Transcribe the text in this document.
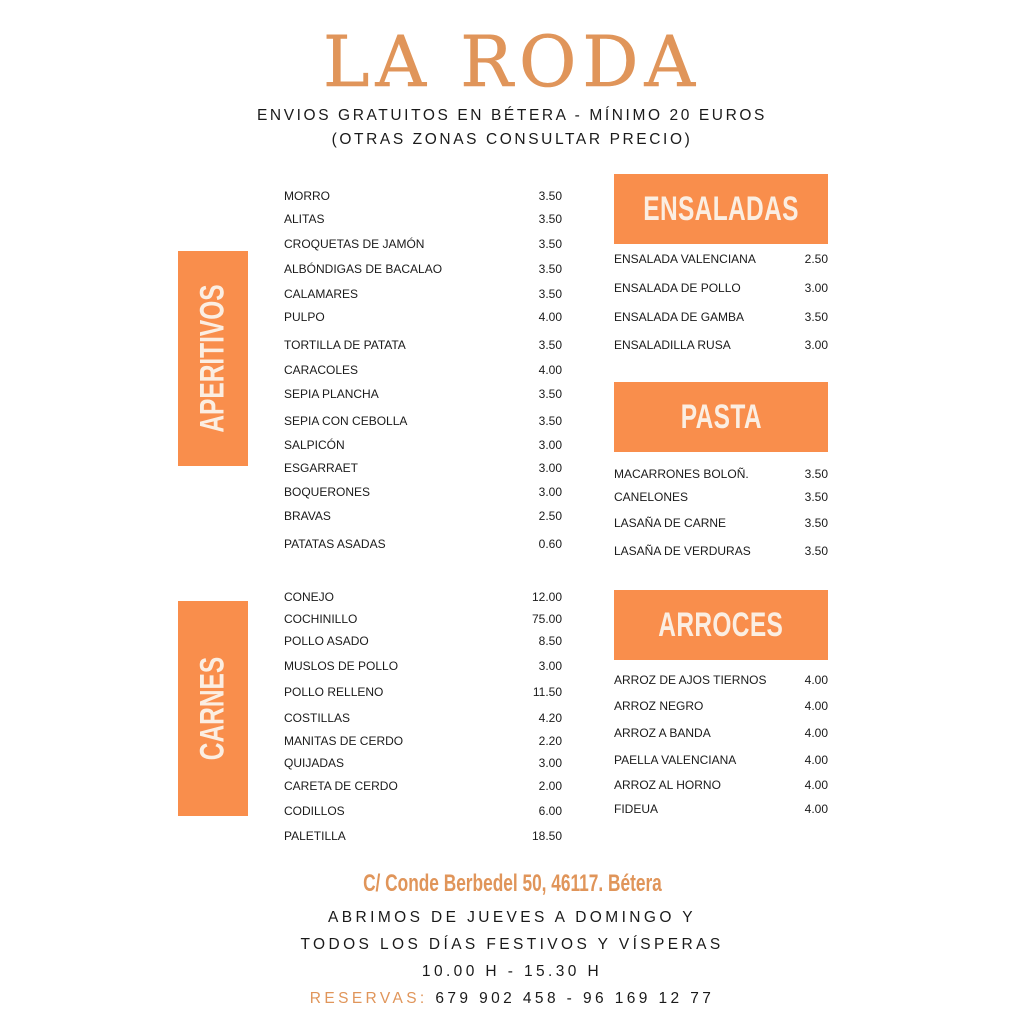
LA RODA
ENVIOS GRATUITOS EN BÉTERA - MÍNIMO 20 EUROS
(OTRAS ZONAS CONSULTAR PRECIO)
APERITIVOS
CARNES
ENSALADAS
PASTA
ARROCES
MORRO	3.50
ALITAS	3.50
CROQUETAS DE JAMÓN	3.50
ALBÓNDIGAS DE BACALAO	3.50
CALAMARES	3.50
PULPO	4.00
TORTILLA DE PATATA	3.50
CARACOLES	4.00
SEPIA PLANCHA	3.50
SEPIA CON CEBOLLA	3.50
SALPICÓN	3.00
ESGARRAET	3.00
BOQUERONES	3.00
BRAVAS	2.50
PATATAS ASADAS	0.60
CONEJO	12.00
COCHINILLO	75.00
POLLO ASADO	8.50
MUSLOS DE POLLO	3.00
POLLO RELLENO	11.50
COSTILLAS	4.20
MANITAS DE CERDO	2.20
QUIJADAS	3.00
CARETA DE CERDO	2.00
CODILLOS	6.00
PALETILLA	18.50
ENSALADA VALENCIANA	2.50
ENSALADA DE POLLO	3.00
ENSALADA DE GAMBA	3.50
ENSALADILLA RUSA	3.00
MACARRONES BOLOÑ.	3.50
CANELONES	3.50
LASAÑA DE CARNE	3.50
LASAÑA DE VERDURAS	3.50
ARROZ DE AJOS TIERNOS	4.00
ARROZ NEGRO	4.00
ARROZ A BANDA	4.00
PAELLA VALENCIANA	4.00
ARROZ AL HORNO	4.00
FIDEUA	4.00
C/ Conde Berbedel 50, 46117. Bétera
ABRIMOS DE JUEVES A DOMINGO Y
TODOS LOS DÍAS FESTIVOS Y VÍSPERAS
10.00 H - 15.30 H
RESERVAS: 679 902 458 - 96 169 12 77
